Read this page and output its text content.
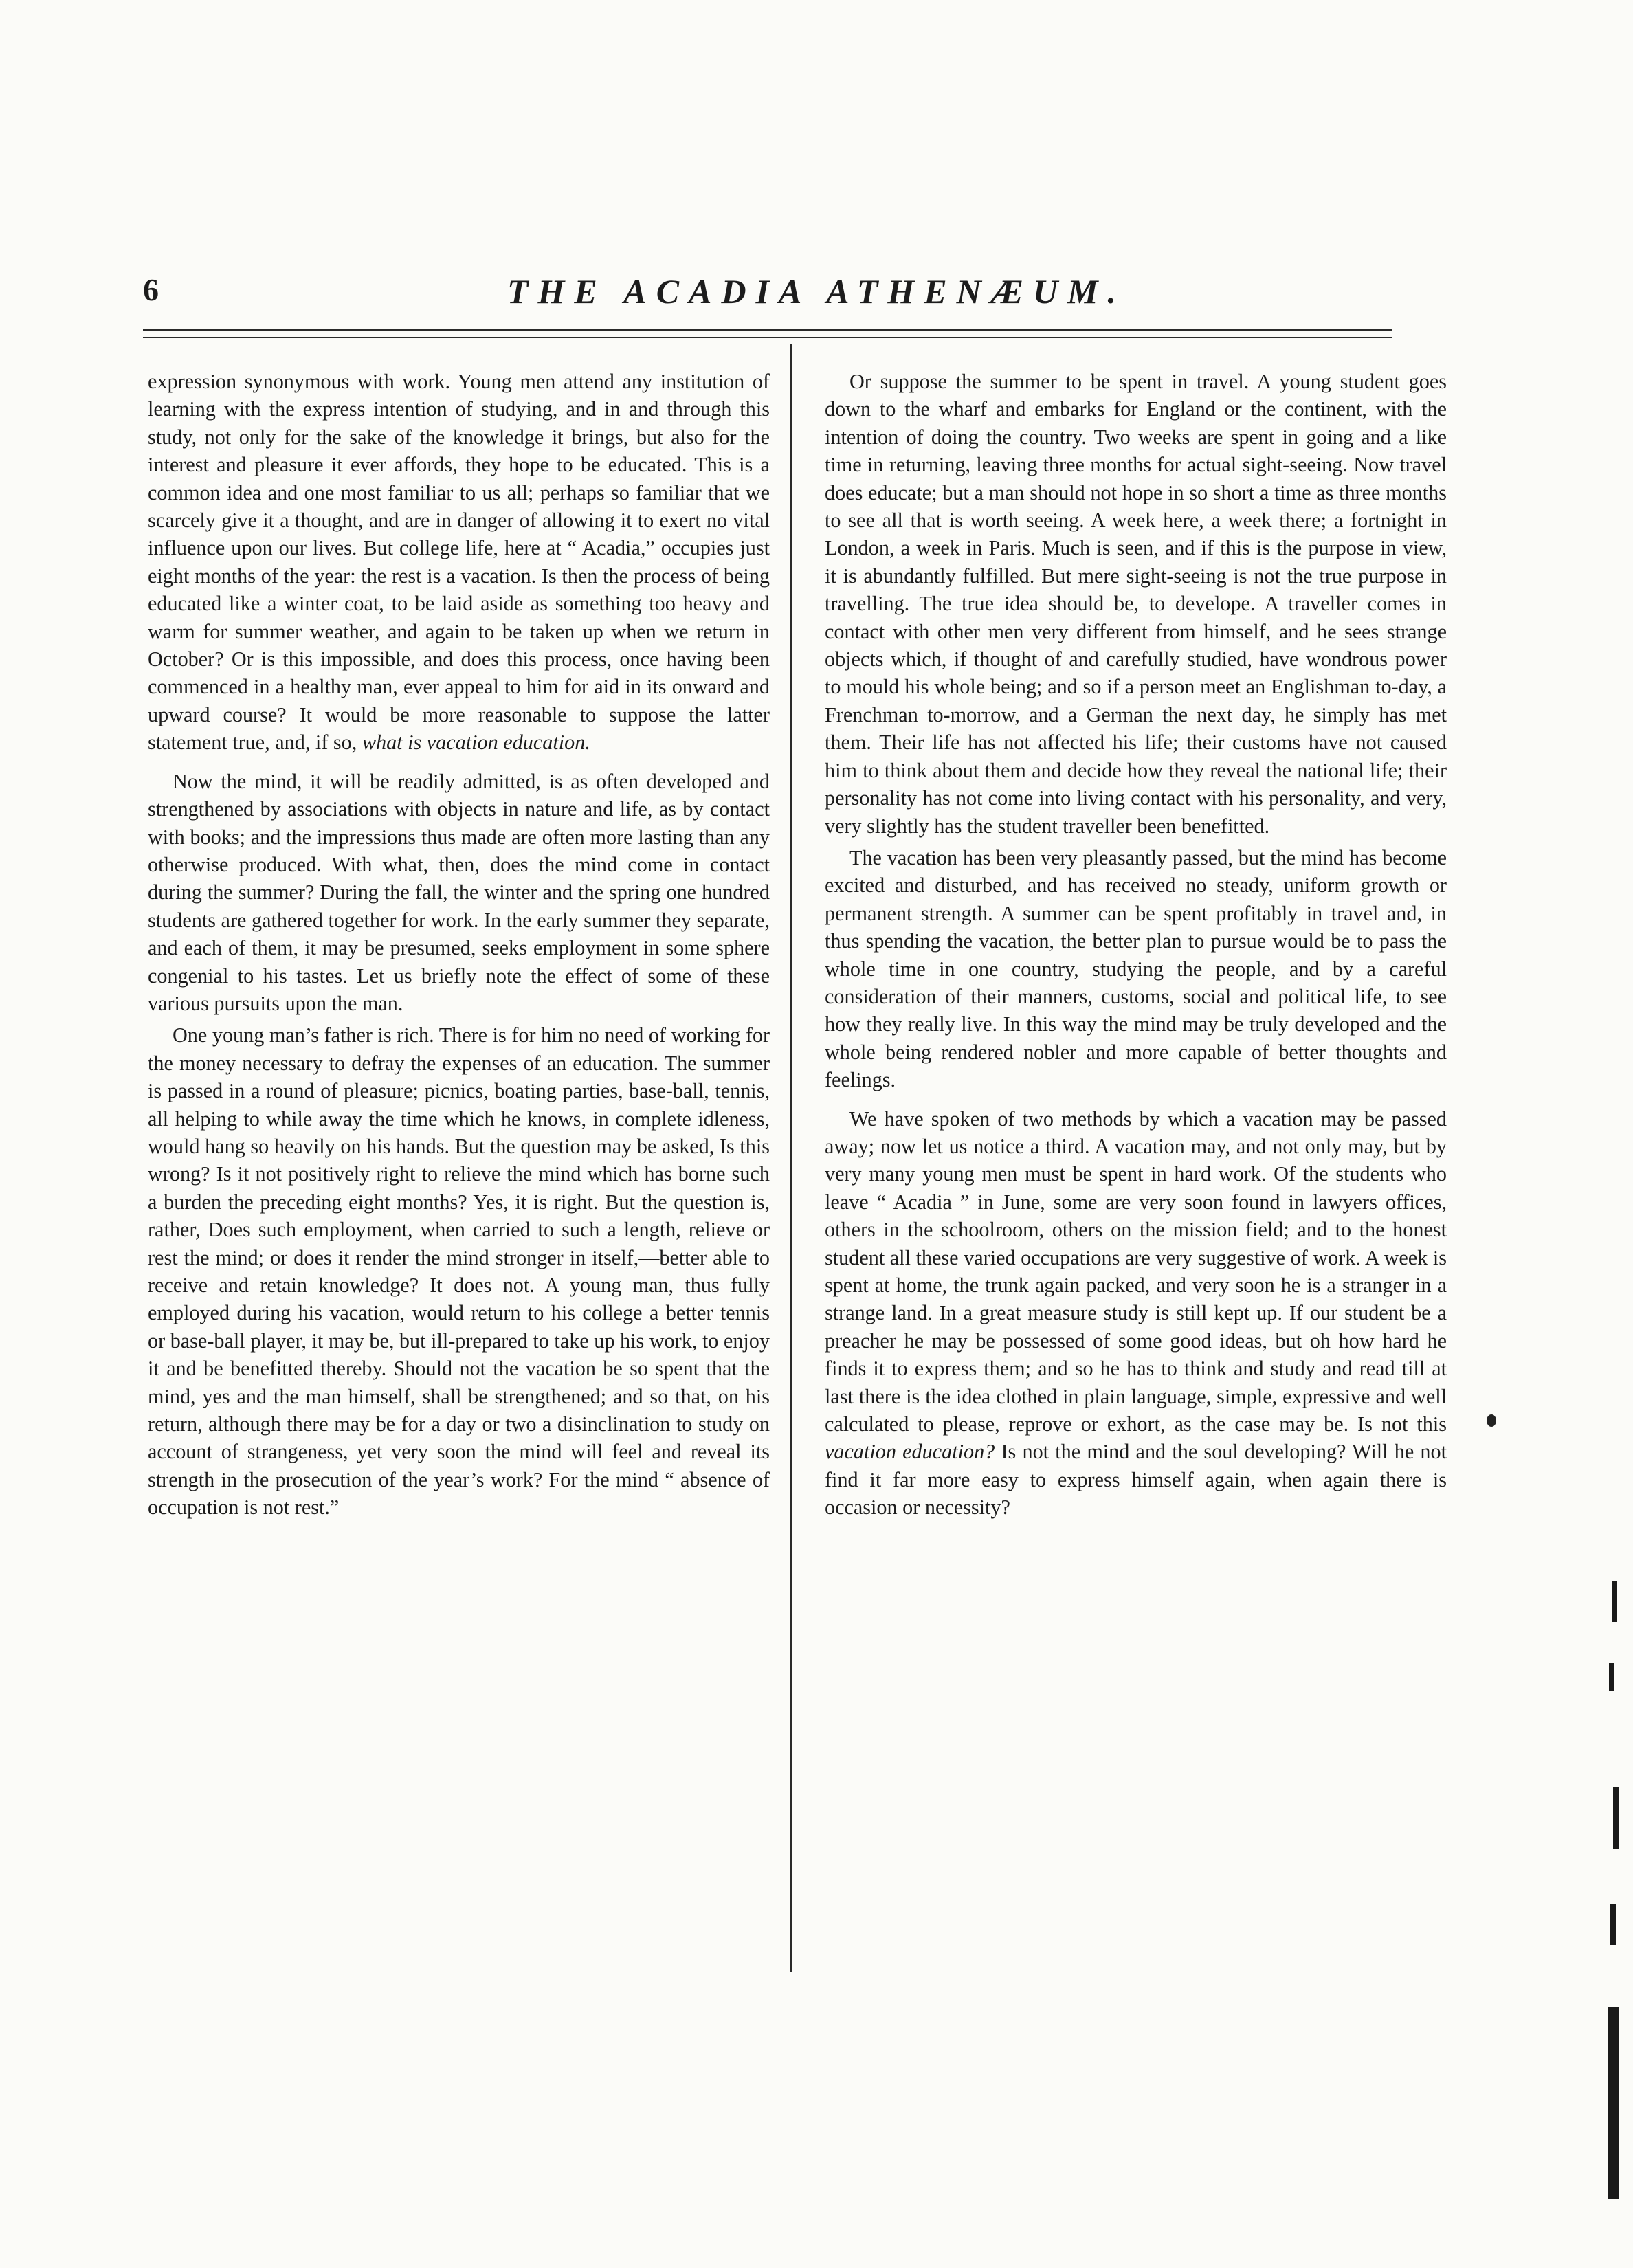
6	THE ACADIA ATHENÆUM.

expression synonymous with work. Young men attend any institution of learning with the express intention of studying, and in and through this study, not only for the sake of the knowledge it brings, but also for the interest and pleasure it ever affords, they hope to be educated. This is a common idea and one most familiar to us all; perhaps so familiar that we scarcely give it a thought, and are in danger of allowing it to exert no vital influence upon our lives. But college life, here at “ Acadia,” occupies just eight months of the year: the rest is a vacation. Is then the process of being educated like a winter coat, to be laid aside as something too heavy and warm for summer weather, and again to be taken up when we return in October? Or is this impossible, and does this process, once having been commenced in a healthy man, ever appeal to him for aid in its onward and upward course? It would be more reasonable to suppose the latter statement true, and, if so, what is vacation education.

Now the mind, it will be readily admitted, is as often developed and strengthened by associations with objects in nature and life, as by contact with books; and the impressions thus made are often more lasting than any otherwise produced. With what, then, does the mind come in contact during the summer? During the fall, the winter and the spring one hundred students are gathered together for work. In the early summer they separate, and each of them, it may be presumed, seeks employment in some sphere congenial to his tastes. Let us briefly note the effect of some of these various pursuits upon the man.

One young man’s father is rich. There is for him no need of working for the money necessary to defray the expenses of an education. The summer is passed in a round of pleasure; picnics, boating parties, base-ball, tennis, all helping to while away the time which he knows, in complete idleness, would hang so heavily on his hands. But the question may be asked, Is this wrong? Is it not positively right to relieve the mind which has borne such a burden the preceding eight months? Yes, it is right. But the question is, rather, Does such employment, when carried to such a length, relieve or rest the mind; or does it render the mind stronger in itself,—better able to receive and retain knowledge? It does not. A young man, thus fully employed during his vacation, would return to his college a better tennis or base-ball player, it may be, but ill-prepared to take up his work, to enjoy it and be benefitted thereby. Should not the vacation be so spent that the mind, yes and the man himself, shall be strengthened; and so that, on his return, although there may be for a day or two a disinclination to study on account of strangeness, yet very soon the mind will feel and reveal its strength in the prosecution of the year’s work? For the mind “ absence of occupation is not rest.”

Or suppose the summer to be spent in travel. A young student goes down to the wharf and embarks for England or the continent, with the intention of doing the country. Two weeks are spent in going and a like time in returning, leaving three months for actual sight-seeing. Now travel does educate; but a man should not hope in so short a time as three months to see all that is worth seeing. A week here, a week there; a fortnight in London, a week in Paris. Much is seen, and if this is the purpose in view, it is abundantly fulfilled. But mere sight-seeing is not the true purpose in travelling. The true idea should be, to develope. A traveller comes in contact with other men very different from himself, and he sees strange objects which, if thought of and carefully studied, have wondrous power to mould his whole being; and so if a person meet an Englishman to-day, a Frenchman to-morrow, and a German the next day, he simply has met them. Their life has not affected his life; their customs have not caused him to think about them and decide how they reveal the national life; their personality has not come into living contact with his personality, and very, very slightly has the student traveller been benefitted.

The vacation has been very pleasantly passed, but the mind has become excited and disturbed, and has received no steady, uniform growth or permanent strength. A summer can be spent profitably in travel and, in thus spending the vacation, the better plan to pursue would be to pass the whole time in one country, studying the people, and by a careful consideration of their manners, customs, social and political life, to see how they really live. In this way the mind may be truly developed and the whole being rendered nobler and more capable of better thoughts and feelings.

We have spoken of two methods by which a vacation may be passed away; now let us notice a third. A vacation may, and not only may, but by very many young men must be spent in hard work. Of the students who leave “ Acadia ” in June, some are very soon found in lawyers offices, others in the schoolroom, others on the mission field; and to the honest student all these varied occupations are very suggestive of work. A week is spent at home, the trunk again packed, and very soon he is a stranger in a strange land. In a great measure study is still kept up. If our student be a preacher he may be possessed of some good ideas, but oh how hard he finds it to express them; and so he has to think and study and read till at last there is the idea clothed in plain language, simple, expressive and well calculated to please, reprove or exhort, as the case may be. Is not this vacation education? Is not the mind and the soul developing? Will he not find it far more easy to express himself again, when again there is occasion or necessity?
